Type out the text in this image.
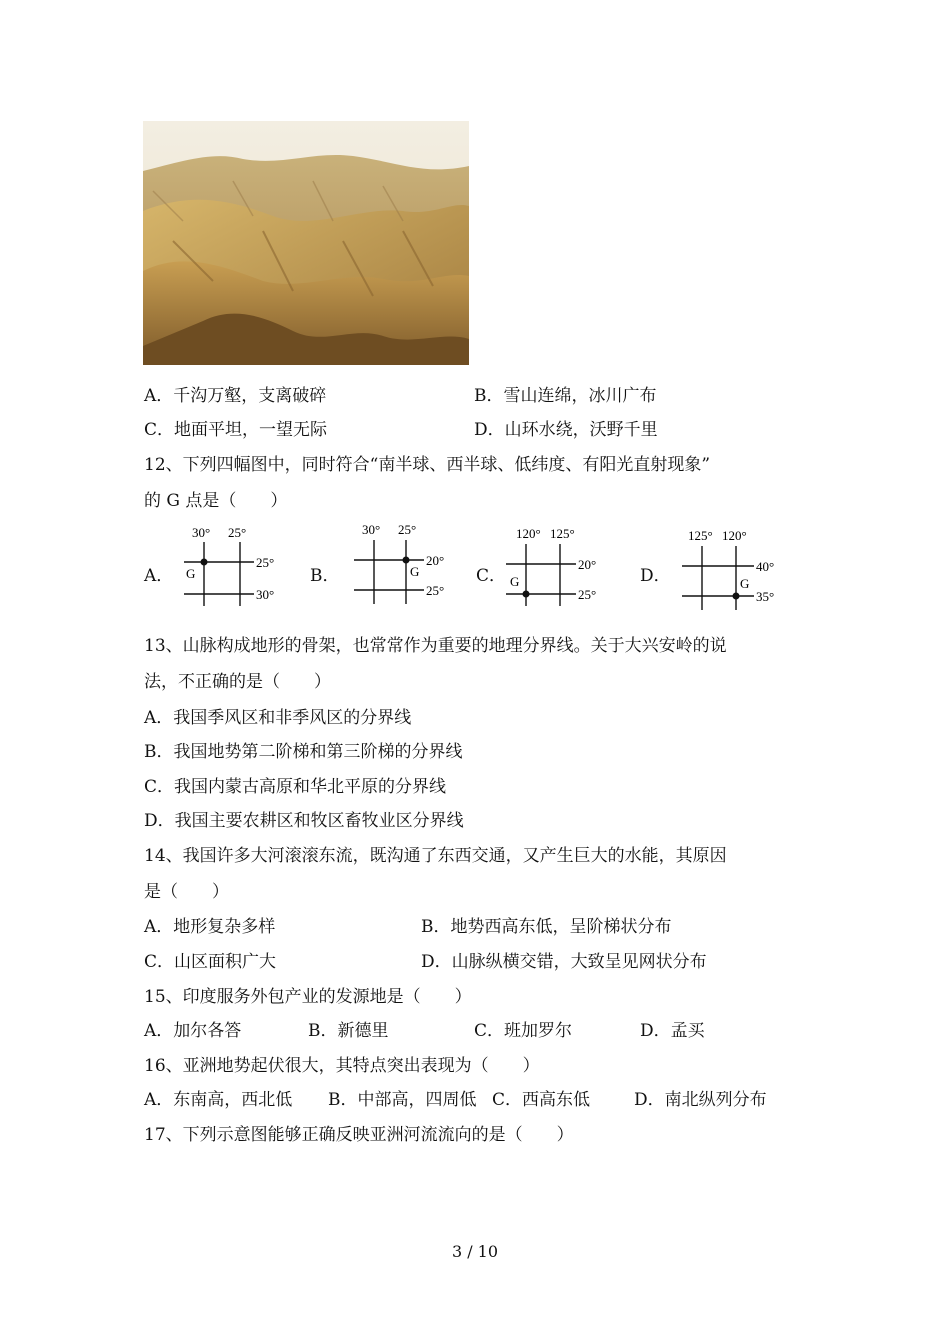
A．千沟万壑，支离破碎	B．雪山连绵，冰川广布
C．地面平坦，一望无际	D．山环水绕，沃野千里
12、下列四幅图中，同时符合“南半球、西半球、低纬度、有阳光直射现象”
的 G 点是（　　）
A．
30° 25°
25°
30°
G	B．
30° 25°
20°
25°
G	C．
120° 125°
20°
25°
G	D．
125° 120°
40°
35°
G
13、山脉构成地形的骨架，也常常作为重要的地理分界线。关于大兴安岭的说
法，不正确的是（　　）
A．我国季风区和非季风区的分界线
B．我国地势第二阶梯和第三阶梯的分界线
C．我国内蒙古高原和华北平原的分界线
D．我国主要农耕区和牧区畜牧业区分界线
14、我国许多大河滚滚东流，既沟通了东西交通，又产生巨大的水能，其原因
是（　　）
A．地形复杂多样	B．地势西高东低，呈阶梯状分布
C．山区面积广大	D．山脉纵横交错，大致呈见网状分布
15、印度服务外包产业的发源地是（　　）
A．加尔各答	B．新德里	C．班加罗尔	D．孟买
16、亚洲地势起伏很大，其特点突出表现为（　　）
A．东南高，西北低 B．中部高，四周低 C．西高东低	D．南北纵列分布
17、下列示意图能够正确反映亚洲河流流向的是（　　）
3 / 10
